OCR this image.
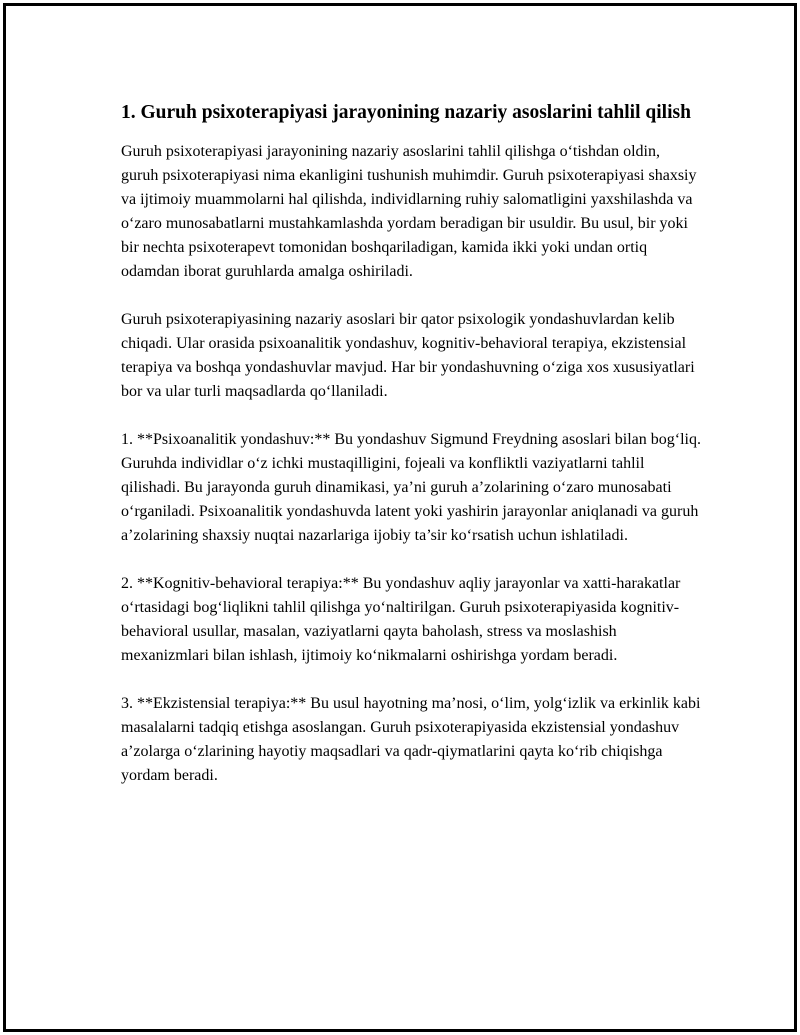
1. Guruh psixoterapiyasi jarayonining nazariy asoslarini tahlil qilish

Guruh psixoterapiyasi jarayonining nazariy asoslarini tahlil qilishga o‘tishdan oldin, guruh psixoterapiyasi nima ekanligini tushunish muhimdir. Guruh psixoterapiyasi shaxsiy va ijtimoiy muammolarni hal qilishda, individlarning ruhiy salomatligini yaxshilashda va o‘zaro munosabatlarni mustahkamlashda yordam beradigan bir usuldir. Bu usul, bir yoki bir nechta psixoterapevt tomonidan boshqariladigan, kamida ikki yoki undan ortiq odamdan iborat guruhlarda amalga oshiriladi.

Guruh psixoterapiyasining nazariy asoslari bir qator psixologik yondashuvlardan kelib chiqadi. Ular orasida psixoanalitik yondashuv, kognitiv-behavioral terapiya, ekzistensial terapiya va boshqa yondashuvlar mavjud. Har bir yondashuvning o‘ziga xos xususiyatlari bor va ular turli maqsadlarda qo‘llaniladi.

1. **Psixoanalitik yondashuv:** Bu yondashuv Sigmund Freydning asoslari bilan bog‘liq. Guruhda individlar o‘z ichki mustaqilligini, fojeali va konfliktli vaziyatlarni tahlil qilishadi. Bu jarayonda guruh dinamikasi, ya’ni guruh a’zolarining o‘zaro munosabati o‘rganiladi. Psixoanalitik yondashuvda latent yoki yashirin jarayonlar aniqlanadi va guruh a’zolarining shaxsiy nuqtai nazarlariga ijobiy ta’sir ko‘rsatish uchun ishlatiladi.

2. **Kognitiv-behavioral terapiya:** Bu yondashuv aqliy jarayonlar va xatti-harakatlar o‘rtasidagi bog‘liqlikni tahlil qilishga yo‘naltirilgan. Guruh psixoterapiyasida kognitiv-behavioral usullar, masalan, vaziyatlarni qayta baholash, stress va moslashish mexanizmlari bilan ishlash, ijtimoiy ko‘nikmalarni oshirishga yordam beradi.

3. **Ekzistensial terapiya:** Bu usul hayotning ma’nosi, o‘lim, yolg‘izlik va erkinlik kabi masalalarni tadqiq etishga asoslangan. Guruh psixoterapiyasida ekzistensial yondashuv a’zolarga o‘zlarining hayotiy maqsadlari va qadr-qiymatlarini qayta ko‘rib chiqishga yordam beradi.
